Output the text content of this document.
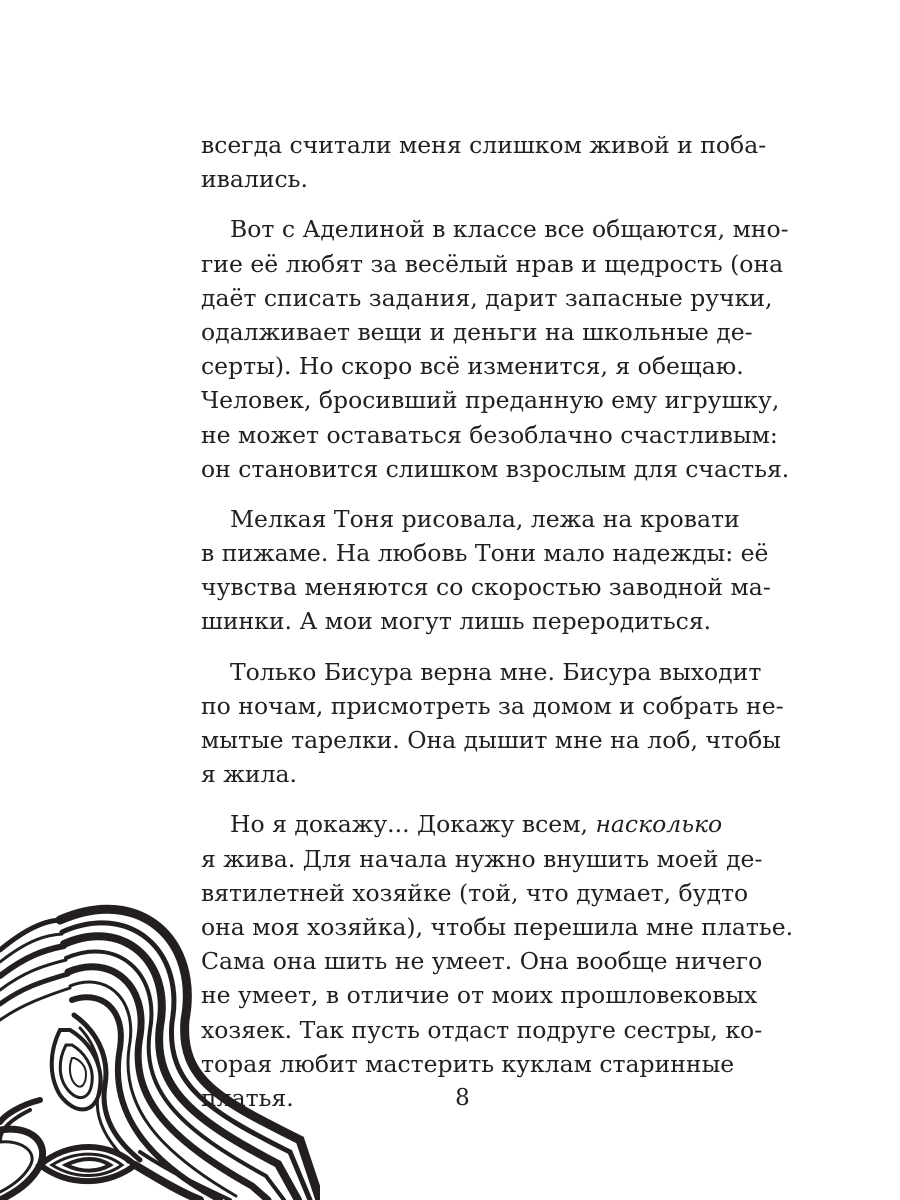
всегда считали меня слишком живой и поба-
ивались.
Вот с Аделиной в классе все общаются, мно-
гие её любят за весёлый нрав и щедрость (она
даёт списать задания, дарит запасные ручки,
одалживает вещи и деньги на школьные де-
серты). Но скоро всё изменится, я обещаю.
Человек, бросивший преданную ему игрушку,
не может оставаться безоблачно счастливым:
он становится слишком взрослым для счастья.
Мелкая Тоня рисовала, лежа на кровати
в пижаме. На любовь Тони мало надежды: её
чувства меняются со скоростью заводной ма-
шинки. А мои могут лишь переродиться.
Только Бисура верна мне. Бисура выходит
по ночам, присмотреть за домом и собрать не-
мытые тарелки. Она дышит мне на лоб, чтобы
я жила.
Но я докажу... Докажу всем, насколько
я жива. Для начала нужно внушить моей де-
вятилетней хозяйке (той, что думает, будто
она моя хозяйка), чтобы перешила мне платье.
Сама она шить не умеет. Она вообще ничего
не умеет, в отличие от моих прошловековых
хозяек. Так пусть отдаст подруге сестры, ко-
торая любит мастерить куклам старинные
платья.	8
